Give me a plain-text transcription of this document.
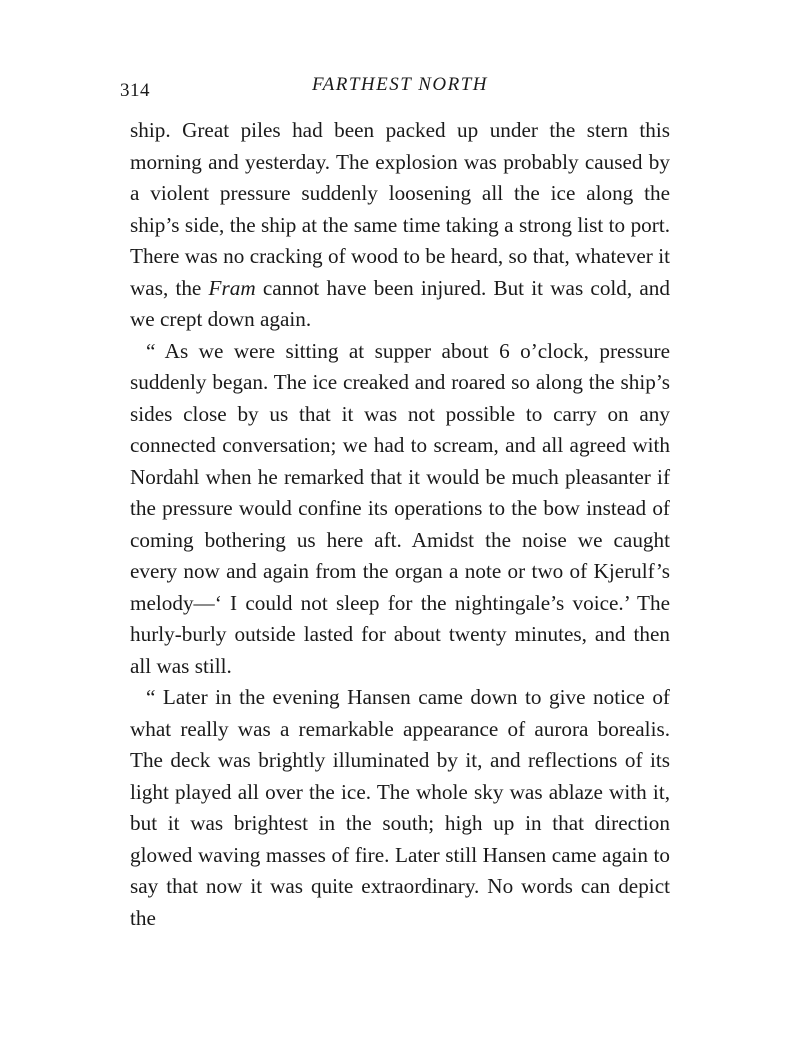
314	FARTHEST NORTH

ship. Great piles had been packed up under the stern this morning and yesterday. The explosion was probably caused by a violent pressure suddenly loosening all the ice along the ship’s side, the ship at the same time taking a strong list to port. There was no cracking of wood to be heard, so that, whatever it was, the Fram cannot have been injured. But it was cold, and we crept down again.

“ As we were sitting at supper about 6 o’clock, pressure suddenly began. The ice creaked and roared so along the ship’s sides close by us that it was not possible to carry on any connected conversation; we had to scream, and all agreed with Nordahl when he remarked that it would be much pleasanter if the pressure would confine its operations to the bow instead of coming bothering us here aft. Amidst the noise we caught every now and again from the organ a note or two of Kjerulf’s melody—‘ I could not sleep for the nightingale’s voice.’ The hurly-burly outside lasted for about twenty minutes, and then all was still.

“ Later in the evening Hansen came down to give notice of what really was a remarkable appearance of aurora borealis. The deck was brightly illuminated by it, and reflections of its light played all over the ice. The whole sky was ablaze with it, but it was brightest in the south; high up in that direction glowed waving masses of fire. Later still Hansen came again to say that now it was quite extraordinary. No words can depict the
